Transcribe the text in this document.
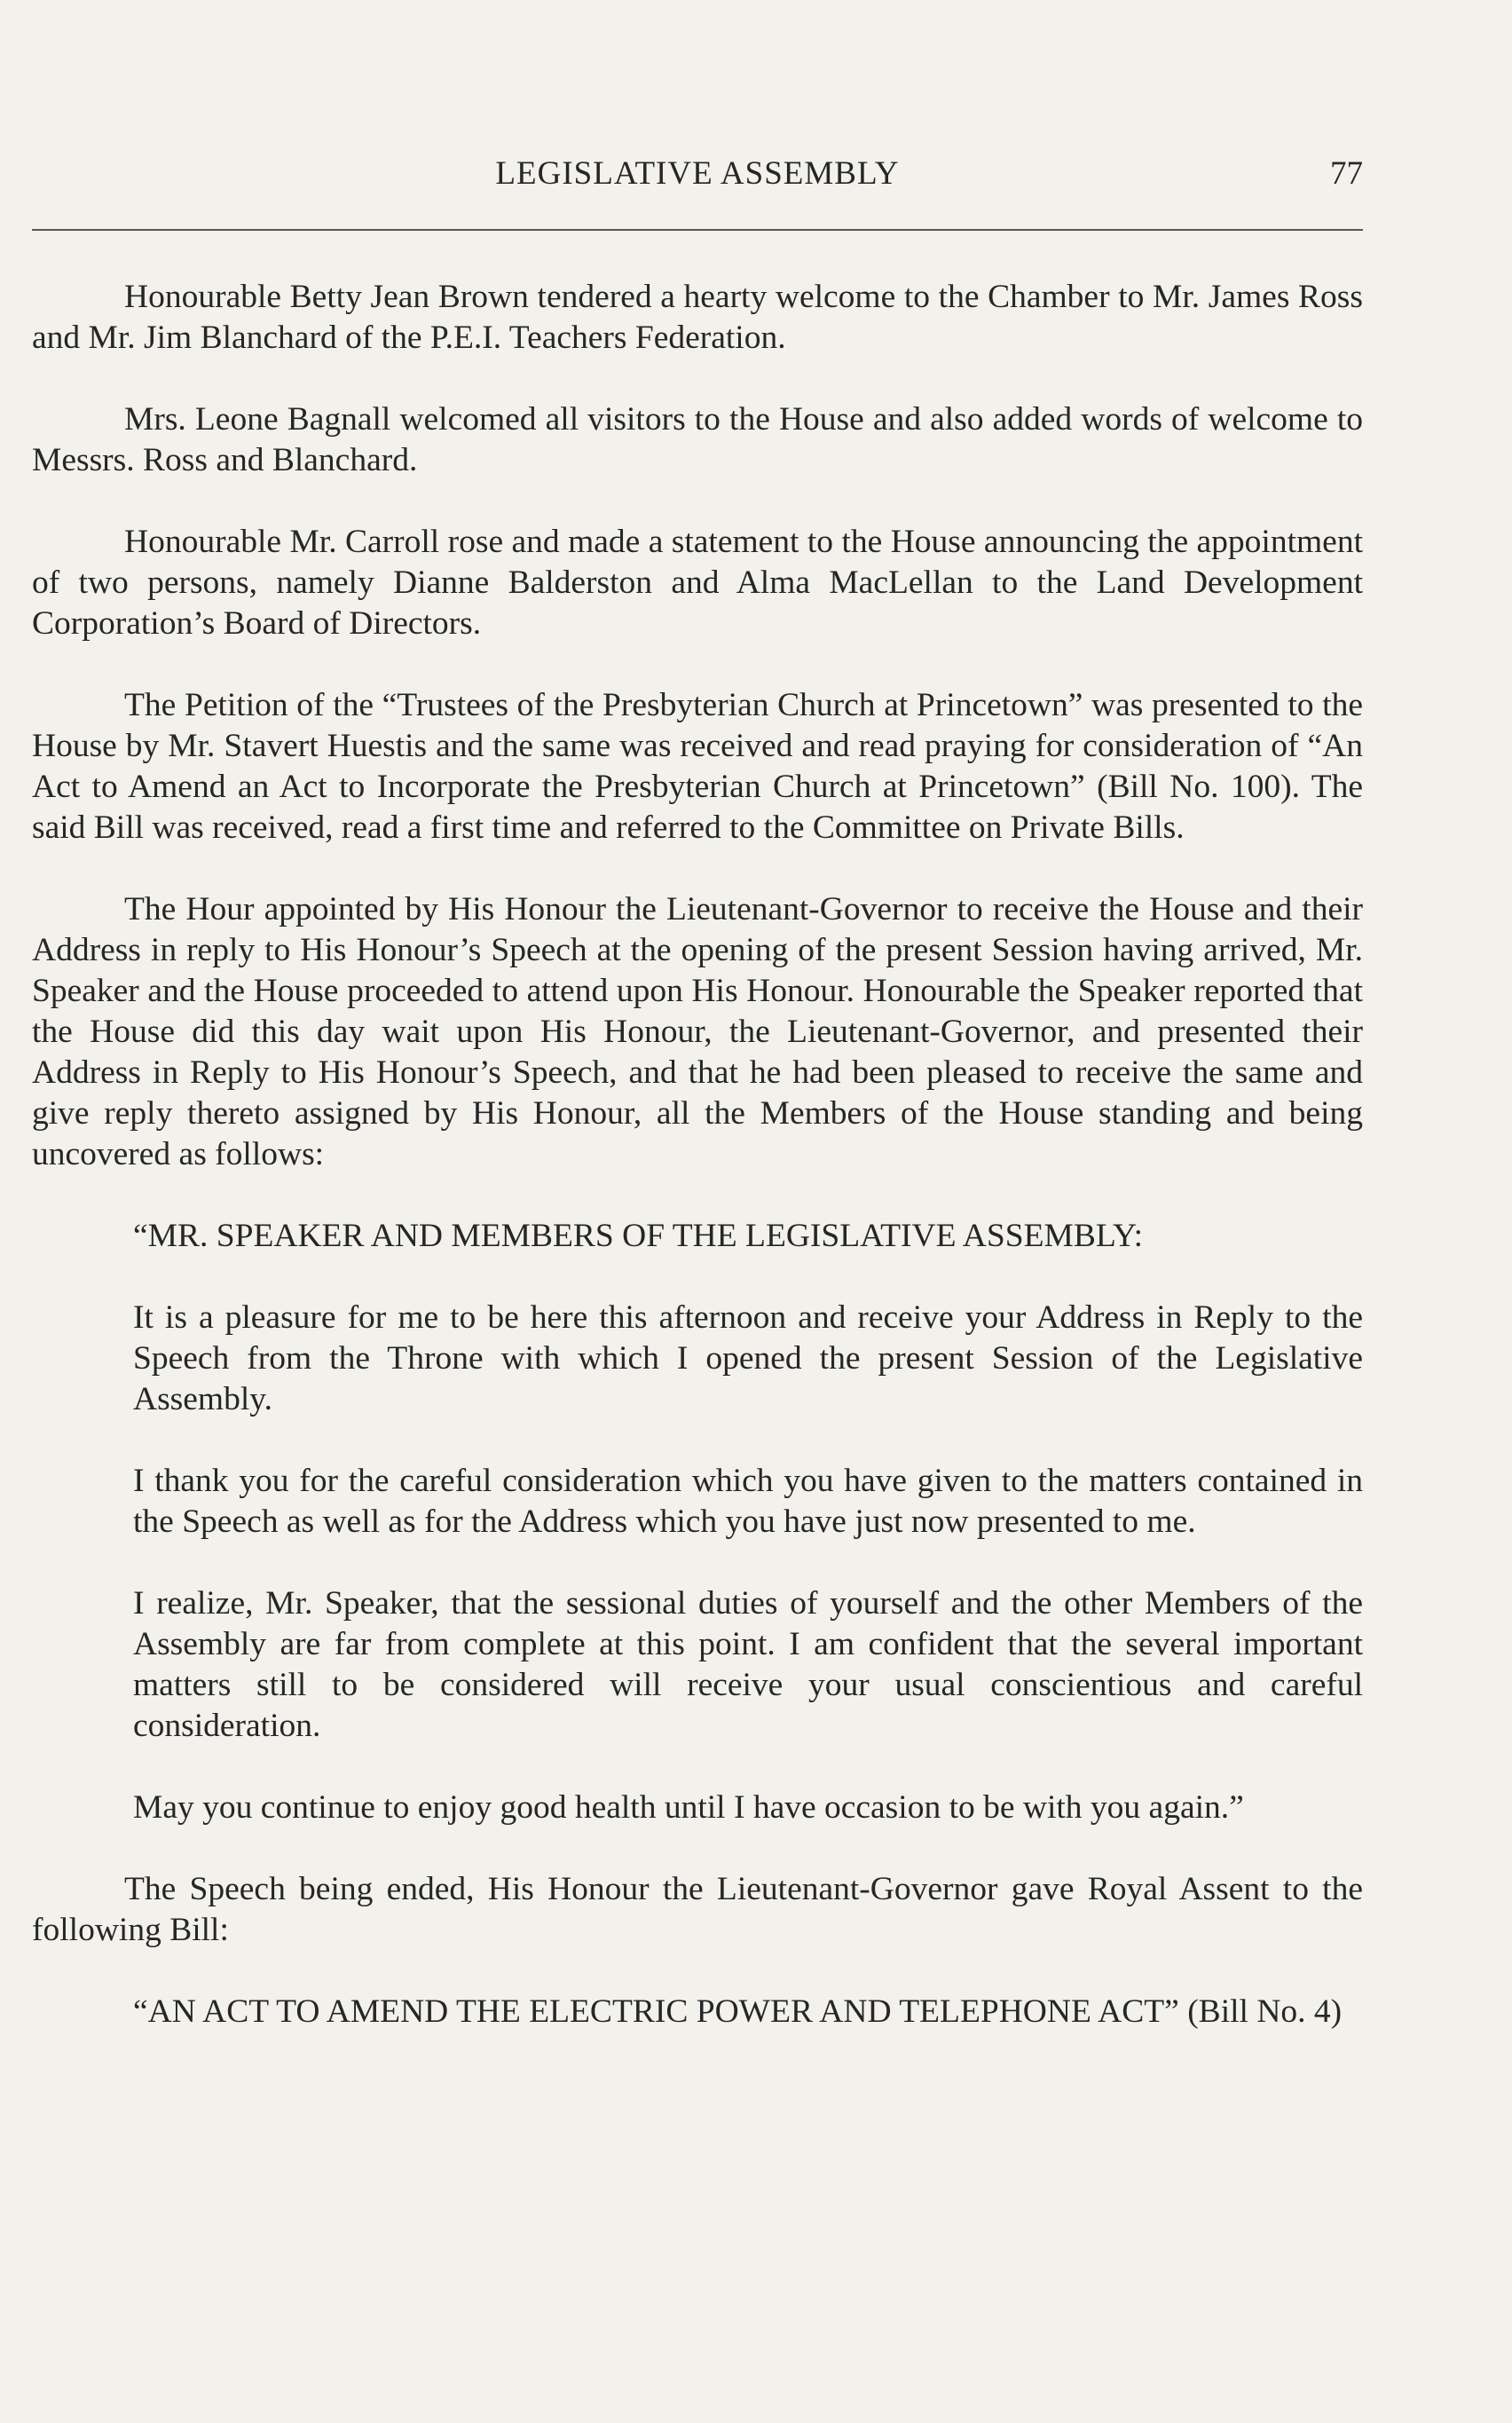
LEGISLATIVE ASSEMBLY	77

Honourable Betty Jean Brown tendered a hearty welcome to the Chamber to Mr. James Ross and Mr. Jim Blanchard of the P.E.I. Teachers Federation.

Mrs. Leone Bagnall welcomed all visitors to the House and also added words of welcome to Messrs. Ross and Blanchard.

Honourable Mr. Carroll rose and made a statement to the House announcing the appointment of two persons, namely Dianne Balderston and Alma MacLellan to the Land Development Corporation’s Board of Directors.

The Petition of the “Trustees of the Presbyterian Church at Princetown” was presented to the House by Mr. Stavert Huestis and the same was received and read praying for consideration of “An Act to Amend an Act to Incorporate the Presbyterian Church at Princetown” (Bill No. 100). The said Bill was received, read a first time and referred to the Committee on Private Bills.

The Hour appointed by His Honour the Lieutenant-Governor to receive the House and their Address in reply to His Honour’s Speech at the opening of the present Session having arrived, Mr. Speaker and the House proceeded to attend upon His Honour. Honourable the Speaker reported that the House did this day wait upon His Honour, the Lieutenant-Governor, and presented their Address in Reply to His Honour’s Speech, and that he had been pleased to receive the same and give reply thereto assigned by His Honour, all the Members of the House standing and being uncovered as follows:

“MR. SPEAKER AND MEMBERS OF THE LEGISLATIVE ASSEMBLY:

It is a pleasure for me to be here this afternoon and receive your Address in Reply to the Speech from the Throne with which I opened the present Session of the Legislative Assembly.

I thank you for the careful consideration which you have given to the matters contained in the Speech as well as for the Address which you have just now presented to me.

I realize, Mr. Speaker, that the sessional duties of yourself and the other Members of the Assembly are far from complete at this point. I am confident that the several important matters still to be considered will receive your usual conscientious and careful consideration.

May you continue to enjoy good health until I have occasion to be with you again.”

The Speech being ended, His Honour the Lieutenant-Governor gave Royal Assent to the following Bill:

“AN ACT TO AMEND THE ELECTRIC POWER AND TELEPHONE ACT” (Bill No. 4)
